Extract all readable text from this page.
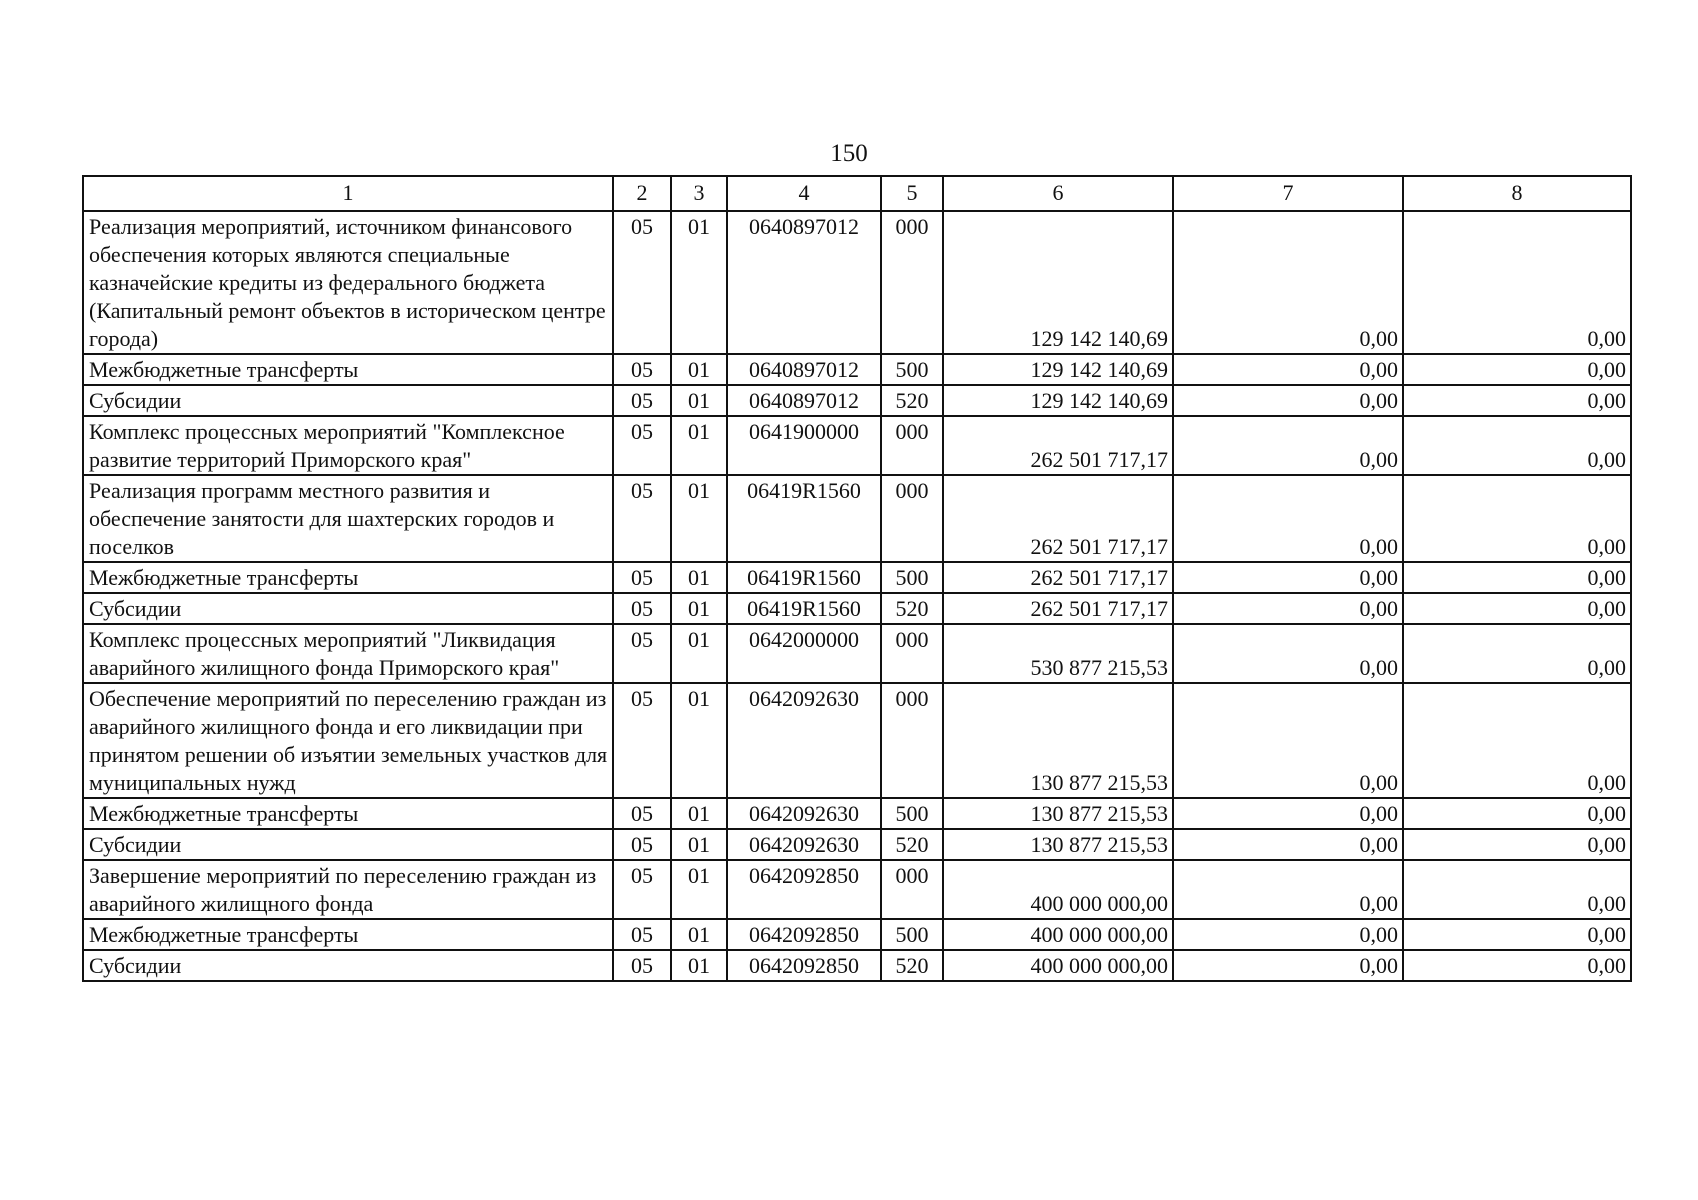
150
1	2	3	4	5	6	7	8
Реализация мероприятий, источником финансового обеспечения которых являются специальные казначейские кредиты из федерального бюджета (Капитальный ремонт объектов в историческом центре города)	05	01	0640897012	000	129 142 140,69	0,00	0,00
Межбюджетные трансферты	05	01	0640897012	500	129 142 140,69	0,00	0,00
Субсидии	05	01	0640897012	520	129 142 140,69	0,00	0,00
Комплекс процессных мероприятий "Комплексное развитие территорий Приморского края"	05	01	0641900000	000	262 501 717,17	0,00	0,00
Реализация программ местного развития и обеспечение занятости для шахтерских городов и поселков	05	01	06419R1560	000	262 501 717,17	0,00	0,00
Межбюджетные трансферты	05	01	06419R1560	500	262 501 717,17	0,00	0,00
Субсидии	05	01	06419R1560	520	262 501 717,17	0,00	0,00
Комплекс процессных мероприятий "Ликвидация аварийного жилищного фонда Приморского края"	05	01	0642000000	000	530 877 215,53	0,00	0,00
Обеспечение мероприятий по переселению граждан из аварийного жилищного фонда и его ликвидации при принятом решении об изъятии земельных участков для муниципальных нужд	05	01	0642092630	000	130 877 215,53	0,00	0,00
Межбюджетные трансферты	05	01	0642092630	500	130 877 215,53	0,00	0,00
Субсидии	05	01	0642092630	520	130 877 215,53	0,00	0,00
Завершение мероприятий по переселению граждан из аварийного жилищного фонда	05	01	0642092850	000	400 000 000,00	0,00	0,00
Межбюджетные трансферты	05	01	0642092850	500	400 000 000,00	0,00	0,00
Субсидии	05	01	0642092850	520	400 000 000,00	0,00	0,00
